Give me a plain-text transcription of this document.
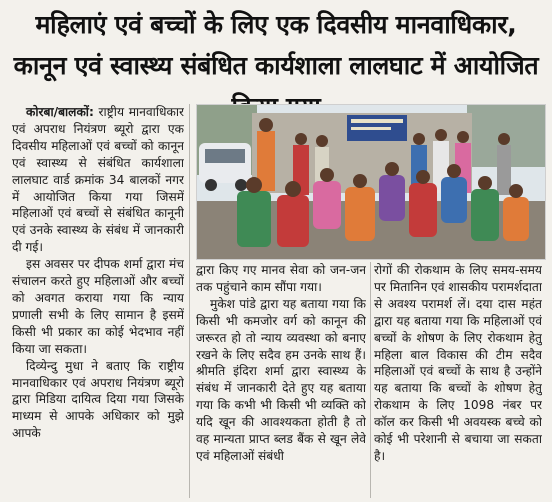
महिलाएं एवं बच्चों के लिए एक दिवसीय मानवाधिकार, कानून एवं स्वास्थ्य संबंधित कार्यशाला लालघाट में आयोजित

कोरबा/बालकों: राष्ट्रीय मानवाधिकार एवं अपराध नियंत्रण ब्यूरो द्वारा एक दिवसीय महिलाओं एवं बच्चों को कानून एवं स्वास्थ्य से संबंधित कार्यशाला लालघाट वार्ड क्रमांक 34 बालकों नगर में आयोजित किया गया जिसमें महिलाओं एवं बच्चों से संबंधित कानूनी एवं उनके स्वास्थ्य के संबंध में जानकारी दी गई।

इस अवसर पर दीपक शर्मा द्वारा मंच संचालन करते हुए महिलाओं और बच्चों को अवगत कराया गया कि न्याय प्रणाली सभी के लिए सामान है इसमें किसी भी प्रकार का कोई भेदभाव नहीं किया जा सकता।

दिव्येन्दु मुधा ने बताए कि राष्ट्रीय मानवाधिकार एवं अपराध नियंत्रण ब्यूरो द्वारा मिडिया दायित्व दिया गया जिसके माध्यम से आपके अधिकार को मुझे आपके

द्वारा किए गए मानव सेवा को जन-जन तक पहुंचाने काम सौंपा गया।

मुकेश पांडे द्वारा यह बताया गया कि किसी भी कमजोर वर्ग को कानून की जरूरत हो तो न्याय व्यवस्था को बनाए रखने के लिए सदैव हम उनके साथ हैं। श्रीमति इंदिरा शर्मा द्वारा स्वास्थ्य के संबंध में जानकारी देते हुए यह बताया गया कि कभी भी किसी भी व्यक्ति को यदि खून की आवश्यकता होती है तो वह मान्यता प्राप्त ब्लड बैंक से खून लेवे एवं महिलाओं संबंधी

रोगों की रोकथाम के लिए समय-समय पर मितानिन एवं शासकीय परामर्शदाता से अवश्य परामर्श लें। दया दास महंत द्वारा यह बताया गया कि महिलाओं एवं बच्चों के शोषण के लिए रोकथाम हेतु महिला बाल विकास की टीम सदैव महिलाओं एवं बच्चों के साथ है उन्होंने यह बताया कि बच्चों के शोषण हेतु रोकथाम के लिए 1098 नंबर पर कॉल कर किसी भी अवयस्क बच्चे को कोई भी परेशानी से बचाया जा सकता है।
